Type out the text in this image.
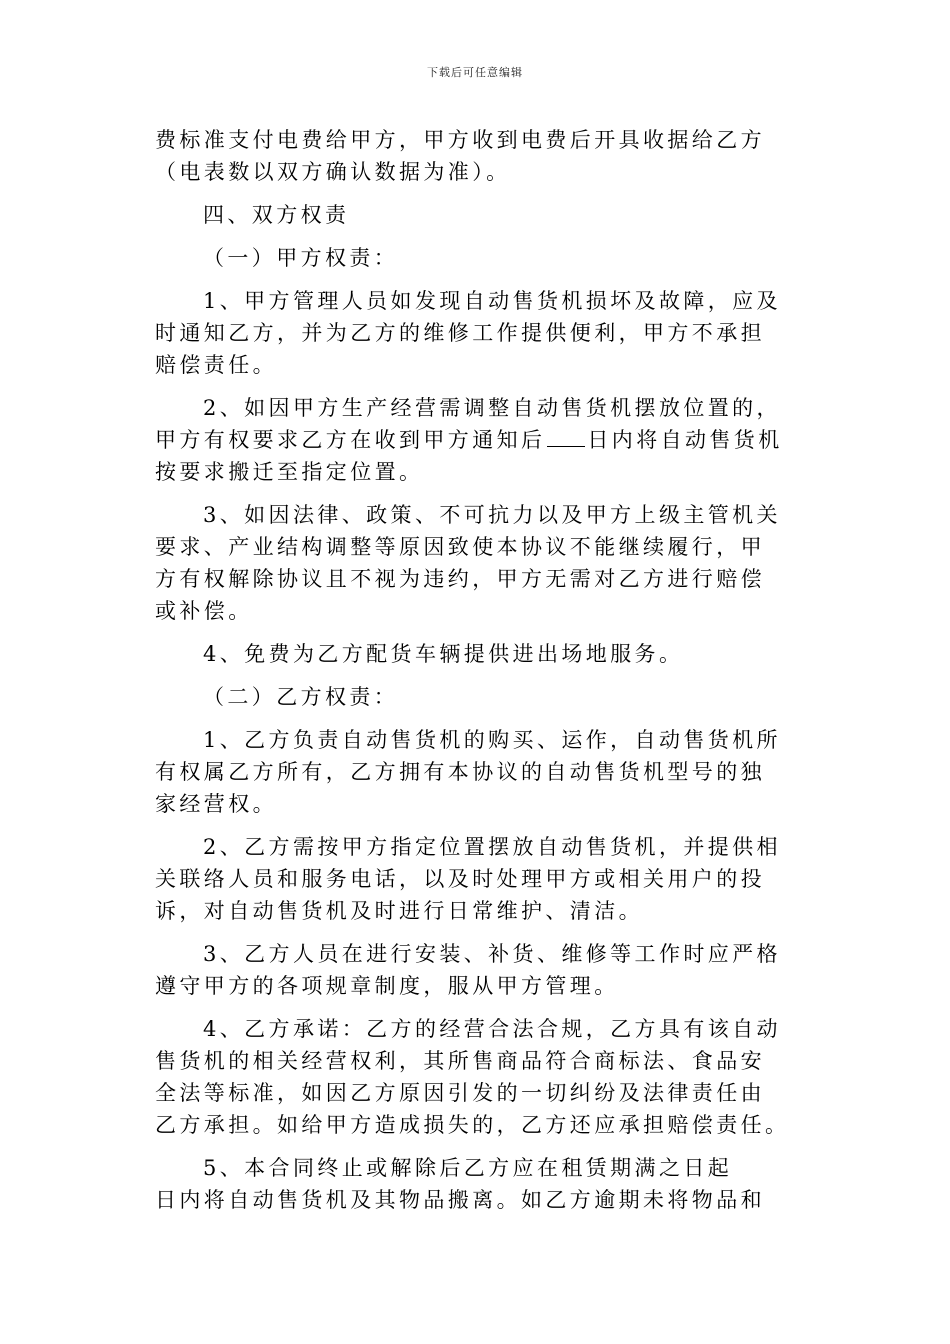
下载后可任意编辑

费标准支付电费给甲方，甲方收到电费后开具收据给乙方
（电表数以双方确认数据为准）。

四、双方权责

（一）甲方权责：

1、甲方管理人员如发现自动售货机损坏及故障，应及
时通知乙方，并为乙方的维修工作提供便利，甲方不承担
赔偿责任。

2、如因甲方生产经营需调整自动售货机摆放位置的，
甲方有权要求乙方在收到甲方通知后 日内将自动售货机
按要求搬迁至指定位置。

3、如因法律、政策、不可抗力以及甲方上级主管机关
要求、产业结构调整等原因致使本协议不能继续履行，甲
方有权解除协议且不视为违约，甲方无需对乙方进行赔偿
或补偿。

4、免费为乙方配货车辆提供进出场地服务。

（二）乙方权责：

1、乙方负责自动售货机的购买、运作，自动售货机所
有权属乙方所有，乙方拥有本协议的自动售货机型号的独
家经营权。

2、乙方需按甲方指定位置摆放自动售货机，并提供相
关联络人员和服务电话，以及时处理甲方或相关用户的投
诉，对自动售货机及时进行日常维护、清洁。

3、乙方人员在进行安装、补货、维修等工作时应严格
遵守甲方的各项规章制度，服从甲方管理。

4、乙方承诺：乙方的经营合法合规，乙方具有该自动
售货机的相关经营权利，其所售商品符合商标法、食品安
全法等标准，如因乙方原因引发的一切纠纷及法律责任由
乙方承担。如给甲方造成损失的，乙方还应承担赔偿责任。

5、本合同终止或解除后乙方应在租赁期满之日起
日内将自动售货机及其物品搬离。如乙方逾期未将物品和
